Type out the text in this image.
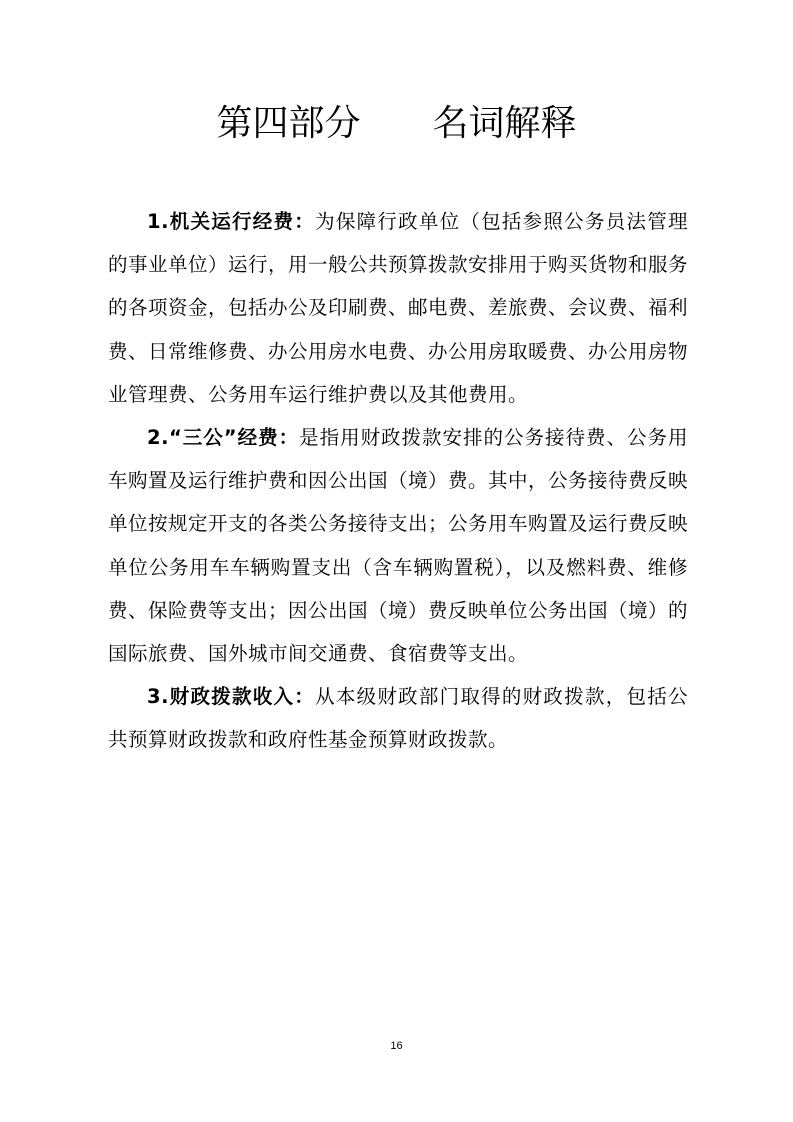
第四部分 名词解释

1.机关运行经费：为保障行政单位（包括参照公务员法管理的事业单位）运行，用一般公共预算拨款安排用于购买货物和服务的各项资金，包括办公及印刷费、邮电费、差旅费、会议费、福利费、日常维修费、办公用房水电费、办公用房取暖费、办公用房物业管理费、公务用车运行维护费以及其他费用。

2.“三公”经费：是指用财政拨款安排的公务接待费、公务用车购置及运行维护费和因公出国（境）费。其中，公务接待费反映单位按规定开支的各类公务接待支出；公务用车购置及运行费反映单位公务用车车辆购置支出（含车辆购置税），以及燃料费、维修费、保险费等支出；因公出国（境）费反映单位公务出国（境）的国际旅费、国外城市间交通费、食宿费等支出。

3.财政拨款收入：从本级财政部门取得的财政拨款，包括公共预算财政拨款和政府性基金预算财政拨款。

16
